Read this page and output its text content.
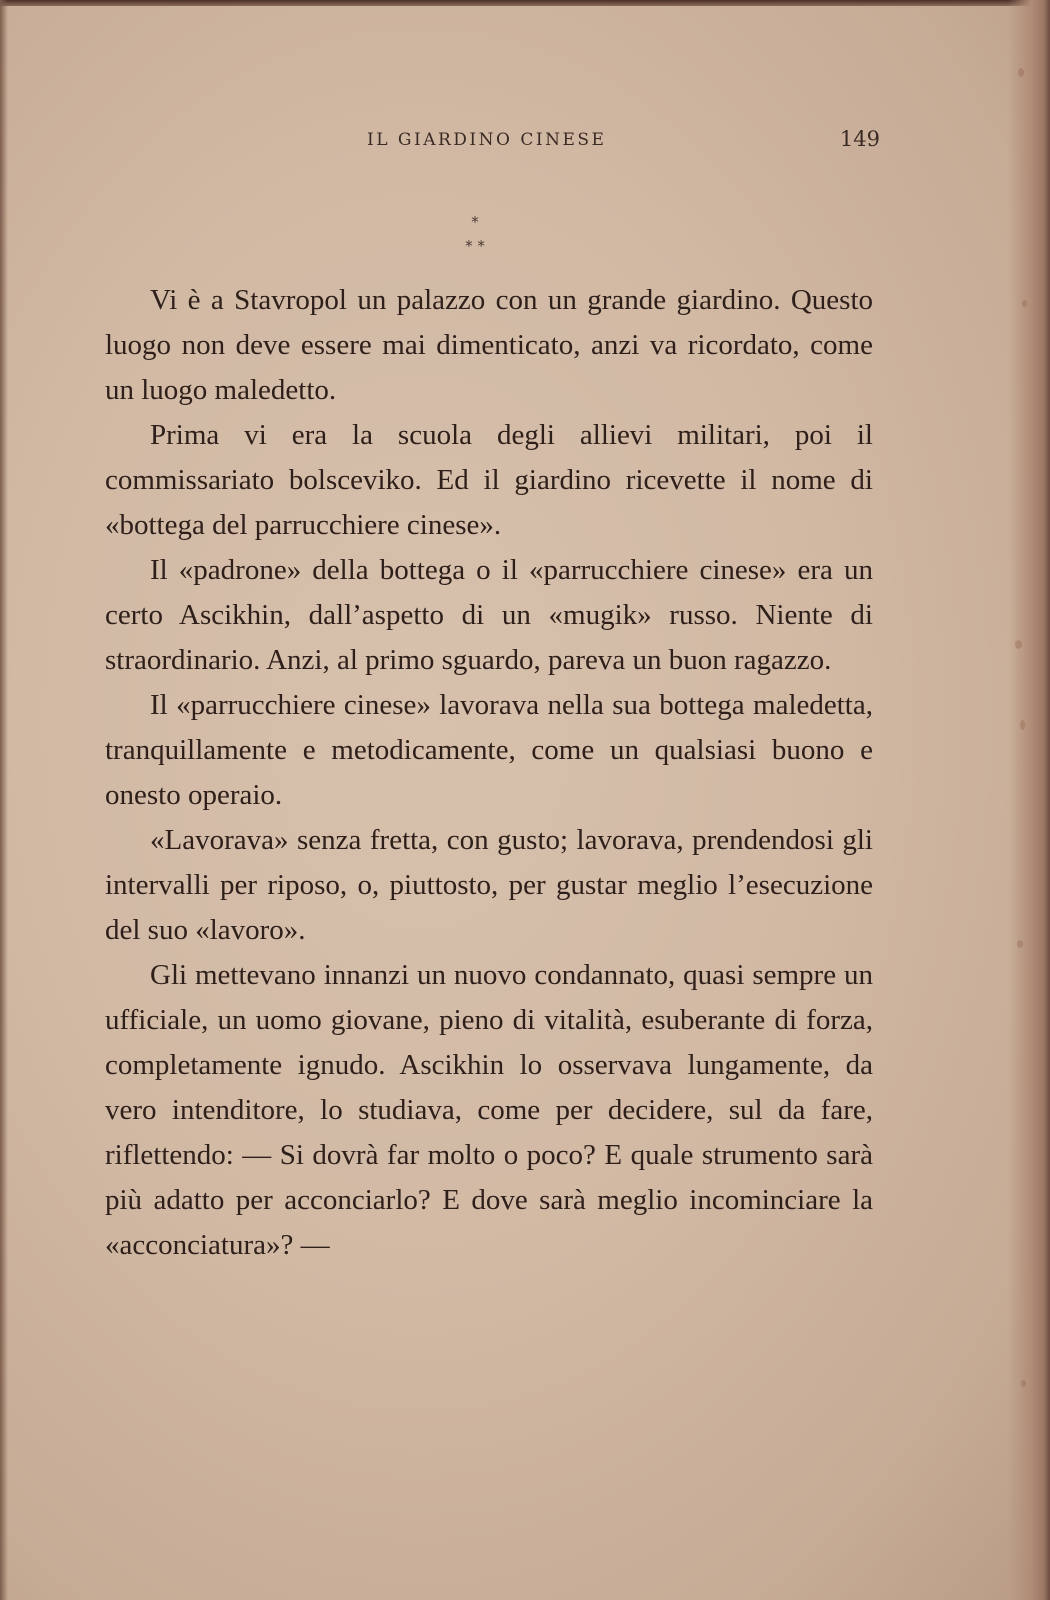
IL GIARDINO CINESE	149
*
* *

Vi è a Stavropol un palazzo con un grande giardino. Questo luogo non deve essere mai dimenticato, anzi va ricordato, come un luogo maledetto.

Prima vi era la scuola degli allievi militari, poi il commissariato bolsceviko. Ed il giardino ricevette il nome di «bottega del parrucchiere cinese».

Il «padrone» della bottega o il «parrucchiere cinese» era un certo Ascikhin, dall’aspetto di un «mugik» russo. Niente di straordinario. Anzi, al primo sguardo, pareva un buon ragazzo.

Il «parrucchiere cinese» lavorava nella sua bottega maledetta, tranquillamente e metodicamente, come un qualsiasi buono e onesto operaio.

«Lavorava» senza fretta, con gusto; lavorava, prendendosi gli intervalli per riposo, o, piuttosto, per gustar meglio l’esecuzione del suo «lavoro».

Gli mettevano innanzi un nuovo condannato, quasi sempre un ufficiale, un uomo giovane, pieno di vitalità, esuberante di forza, completamente ignudo. Ascikhin lo osservava lungamente, da vero intenditore, lo studiava, come per decidere, sul da fare, riflettendo: — Si dovrà far molto o poco? E quale strumento sarà più adatto per acconciarlo? E dove sarà meglio incominciare la «acconciatura»? —
